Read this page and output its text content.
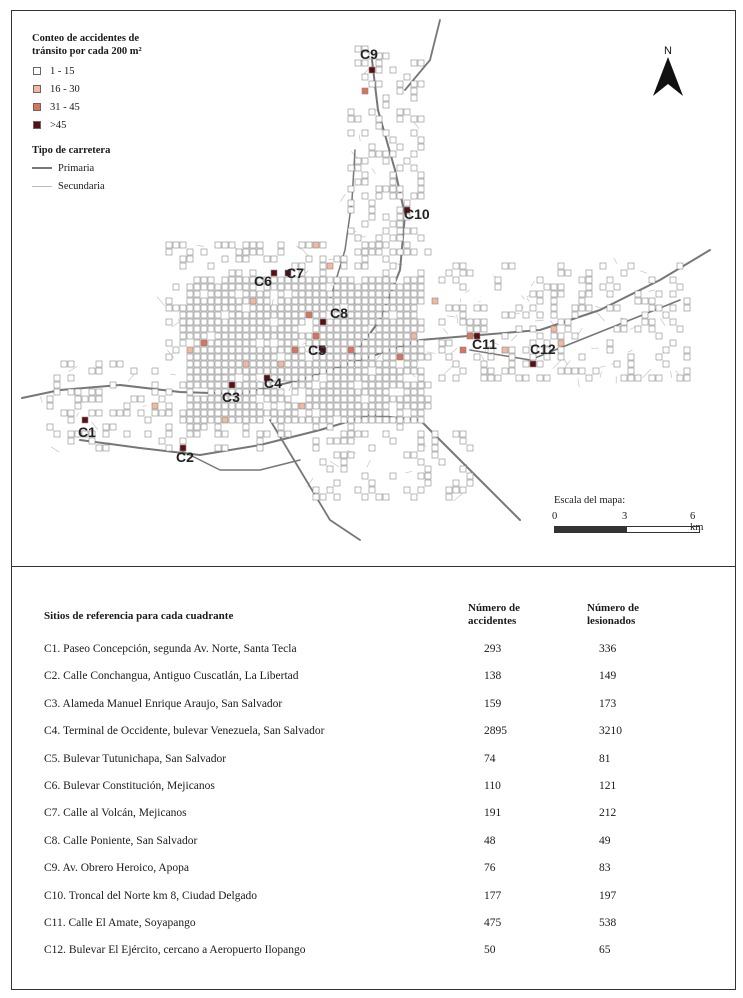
C1
C2
C3
C4
C5
C6 C7
C8
C9
C10
C11 C12
Conteo de accidentes de
tránsito por cada 200 m²
1 - 15
16 - 30
31 - 45
>45
Tipo de carretera
Primaria
Secundaria
N
Escala del mapa:
0	3	6 km
Sitios de referencia para cada cuadrante
Número de
accidentes
Número de
lesionados
C1. Paseo Concepción, segunda Av. Norte, Santa Tecla	293	336
C2. Calle Conchangua, Antiguo Cuscatlán, La Libertad	138	149
C3. Alameda Manuel Enrique Araujo, San Salvador	159	173
C4. Terminal de Occidente, bulevar Venezuela, San Salvador	2895	3210
C5. Bulevar Tutunichapa, San Salvador	74	81
C6. Bulevar Constitución, Mejicanos	110	121
C7. Calle al Volcán, Mejicanos	191	212
C8. Calle Poniente, San Salvador	48	49
C9. Av. Obrero Heroico, Apopa	76	83
C10. Troncal del Norte km 8, Ciudad Delgado	177	197
C11. Calle El Amate, Soyapango	475	538
C12. Bulevar El Ejército, cercano a Aeropuerto Ilopango	50	65
